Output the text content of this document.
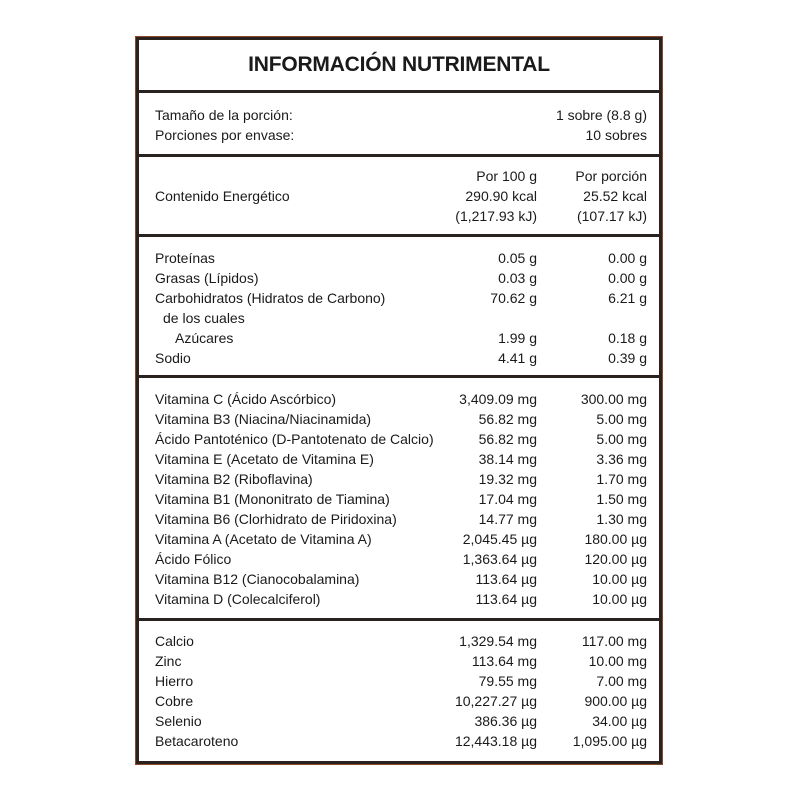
INFORMACIÓN NUTRIMENTAL
Tamaño de la porción:	1 sobre (8.8 g)
Porciones por envase:	10 sobres
Por 100 g	Por porción
Contenido Energético	290.90 kcal	25.52 kcal
(1,217.93 kJ)	(107.17 kJ)
Proteínas	0.05 g	0.00 g
Grasas (Lípidos)	0.03 g	0.00 g
Carbohidratos (Hidratos de Carbono)	70.62 g	6.21 g
de los cuales
Azúcares	1.99 g	0.18 g
Sodio	4.41 g	0.39 g
Vitamina C (Ácido Ascórbico)	3,409.09 mg	300.00 mg
Vitamina B3 (Niacina/Niacinamida)	56.82 mg	5.00 mg
Ácido Pantoténico (D-Pantotenato de Calcio)	56.82 mg	5.00 mg
Vitamina E (Acetato de Vitamina E)	38.14 mg	3.36 mg
Vitamina B2 (Riboflavina)	19.32 mg	1.70 mg
Vitamina B1 (Mononitrato de Tiamina)	17.04 mg	1.50 mg
Vitamina B6 (Clorhidrato de Piridoxina)	14.77 mg	1.30 mg
Vitamina A (Acetato de Vitamina A)	2,045.45 µg	180.00 µg
Ácido Fólico	1,363.64 µg	120.00 µg
Vitamina B12 (Cianocobalamina)	113.64 µg	10.00 µg
Vitamina D (Colecalciferol)	113.64 µg	10.00 µg
Calcio	1,329.54 mg	117.00 mg
Zinc	113.64 mg	10.00 mg
Hierro	79.55 mg	7.00 mg
Cobre	10,227.27 µg	900.00 µg
Selenio	386.36 µg	34.00 µg
Betacaroteno	12,443.18 µg	1,095.00 µg
